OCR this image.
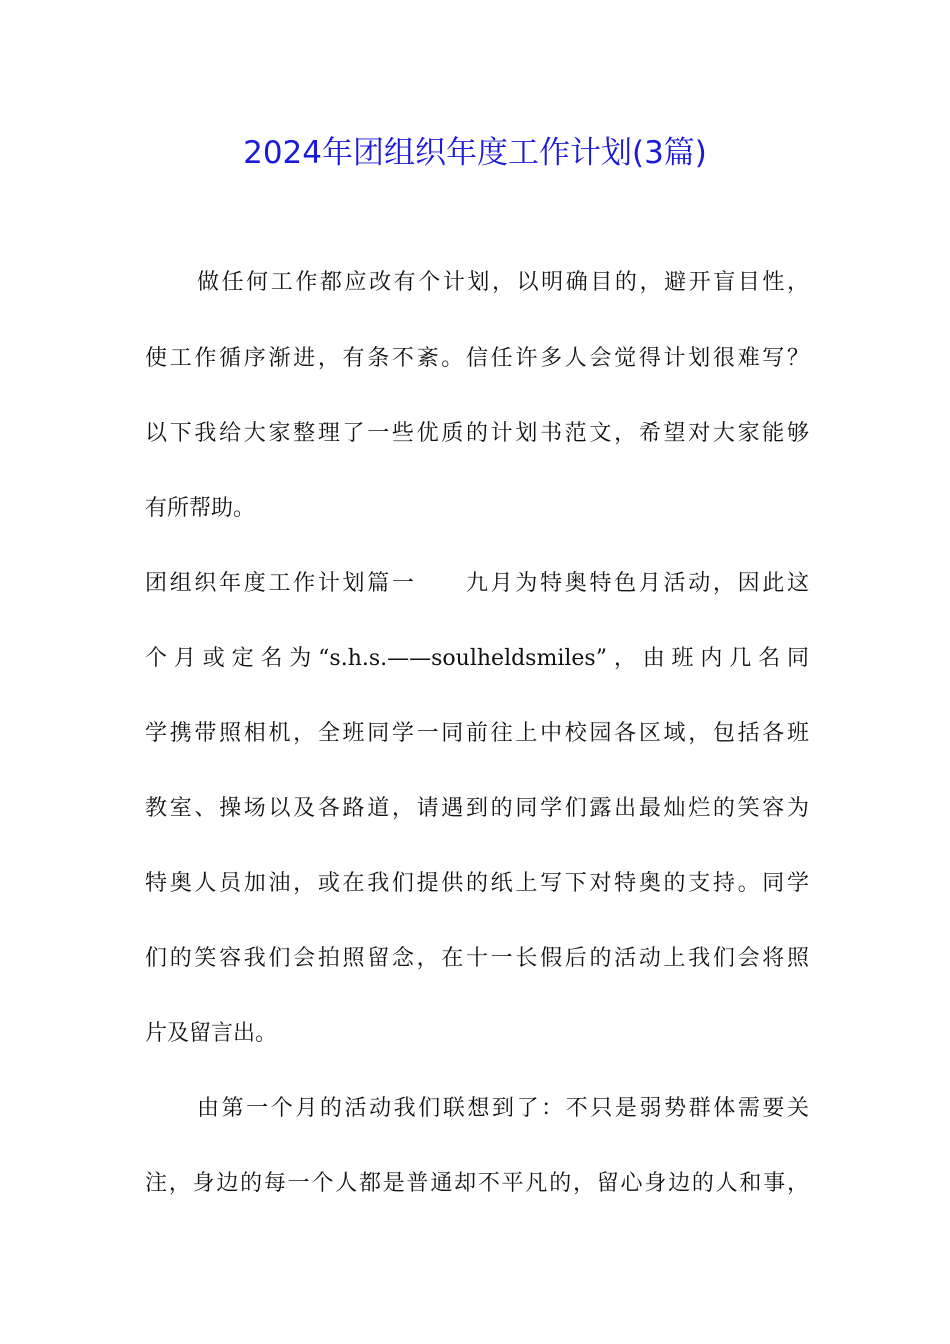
2024年团组织年度工作计划(3篇)
做任何工作都应改有个计划，以明确目的，避开盲目性，
使工作循序渐进，有条不紊。信任许多人会觉得计划很难写？
以下我给大家整理了一些优质的计划书范文，希望对大家能够
有所帮助。
团组织年度工作计划篇一　　九月为特奥特色月活动，因此这
个月或定名为“s.h.s.——soulheldsmiles”，由班内几名同
学携带照相机，全班同学一同前往上中校园各区域，包括各班
教室、操场以及各路道，请遇到的同学们露出最灿烂的笑容为
特奥人员加油，或在我们提供的纸上写下对特奥的支持。同学
们的笑容我们会拍照留念，在十一长假后的活动上我们会将照
片及留言出。
由第一个月的活动我们联想到了：不只是弱势群体需要关
注，身边的每一个人都是普通却不平凡的，留心身边的人和事，
